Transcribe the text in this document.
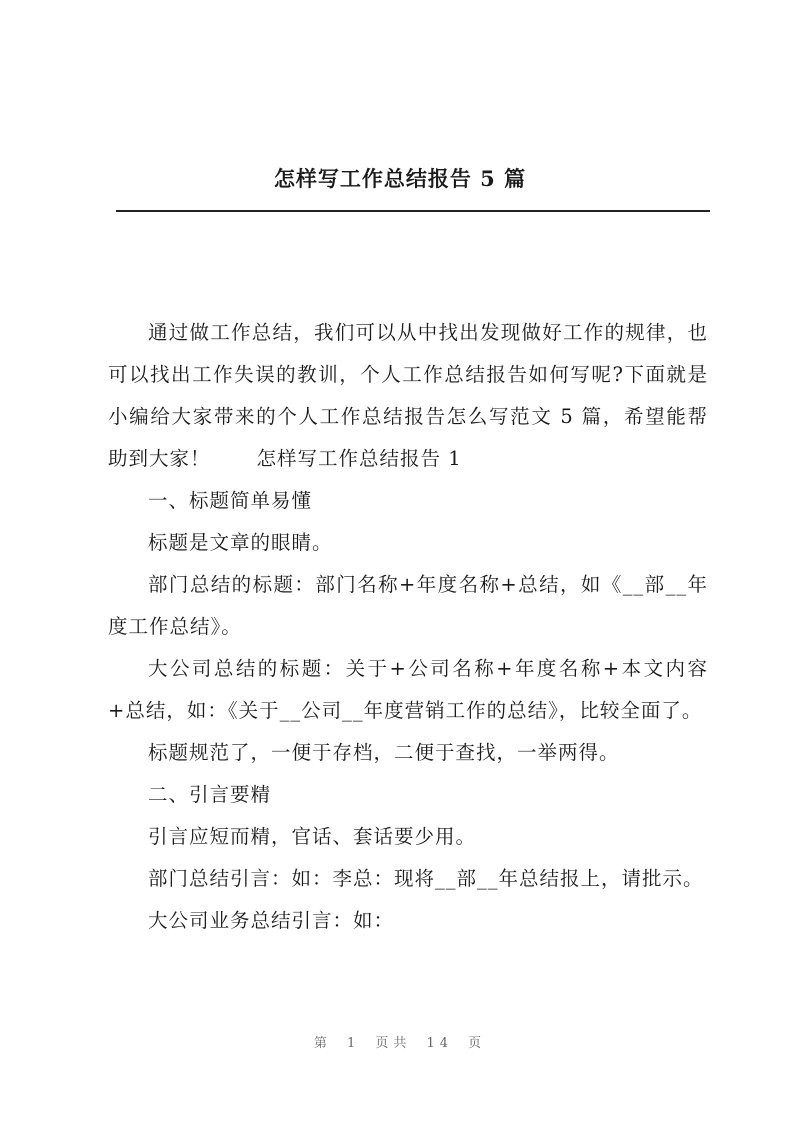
怎样写工作总结报告 5 篇

通过做工作总结，我们可以从中找出发现做好工作的规律，也可以找出工作失误的教训，个人工作总结报告如何写呢?下面就是小编给大家带来的个人工作总结报告怎么写范文 5 篇，希望能帮助到大家！ 怎样写工作总结报告 1

一、标题简单易懂

标题是文章的眼睛。

部门总结的标题：部门名称+年度名称+总结，如《__部__年度工作总结》。

大公司总结的标题：关于+公司名称+年度名称+本文内容+总结，如：《关于__公司__年度营销工作的总结》，比较全面了。

标题规范了，一便于存档，二便于查找，一举两得。

二、引言要精

引言应短而精，官话、套话要少用。

部门总结引言：如：李总：现将__部__年总结报上，请批示。

大公司业务总结引言：如：

第 1 页共 14 页
